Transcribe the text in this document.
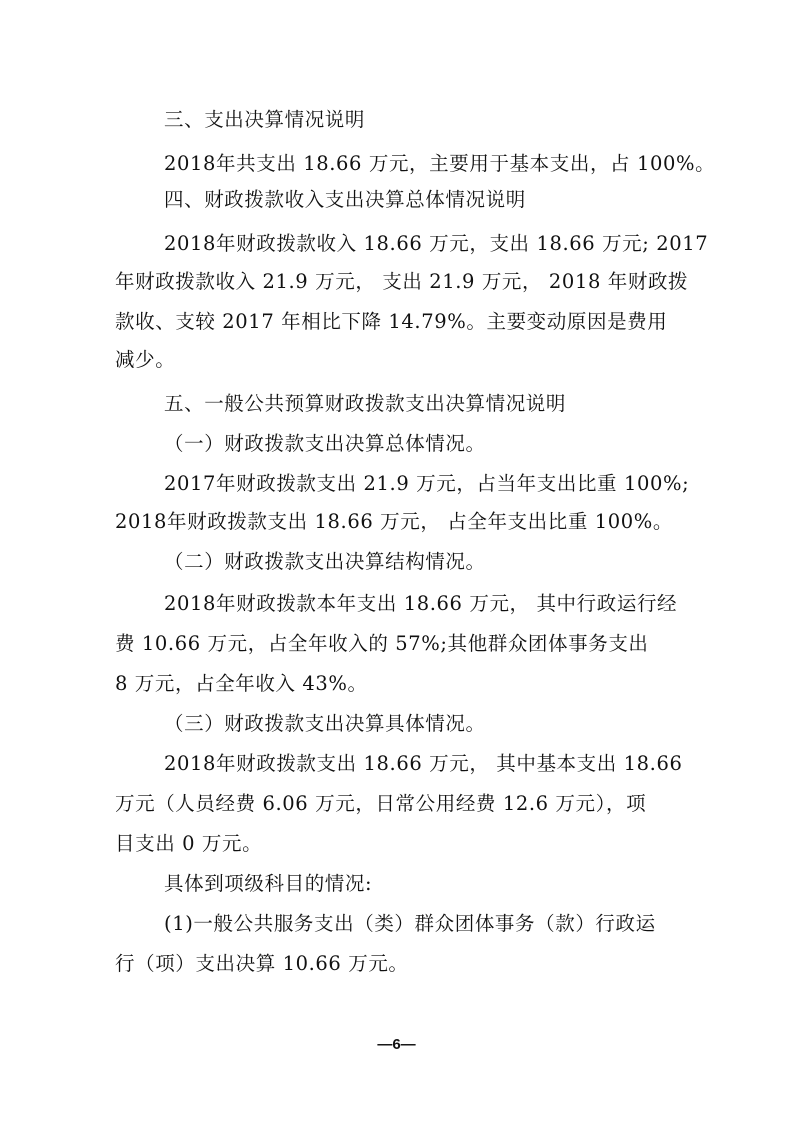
三、支出决算情况说明
2018年共支出 18.66 万元，主要用于基本支出，占 100%。
四、财政拨款收入支出决算总体情况说明
2018年财政拨款收入 18.66 万元，支出 18.66 万元; 2017
年财政拨款收入 21.9 万元， 支出 21.9 万元， 2018 年财政拨
款收、支较 2017 年相比下降 14.79%。主要变动原因是费用
减少。
五、一般公共预算财政拨款支出决算情况说明
（一）财政拨款支出决算总体情况。
2017年财政拨款支出 21.9 万元，占当年支出比重 100%;
2018年财政拨款支出 18.66 万元， 占全年支出比重 100%。
（二）财政拨款支出决算结构情况。
2018年财政拨款本年支出 18.66 万元， 其中行政运行经
费 10.66 万元，占全年收入的 57%;其他群众团体事务支出
8 万元，占全年收入 43%。
（三）财政拨款支出决算具体情况。
2018年财政拨款支出 18.66 万元， 其中基本支出 18.66
万元（人员经费 6.06 万元，日常公用经费 12.6 万元），项
目支出 0 万元。
具体到项级科目的情况:
(1)一般公共服务支出（类）群众团体事务（款）行政运
行（项）支出决算 10.66 万元。
—6—
